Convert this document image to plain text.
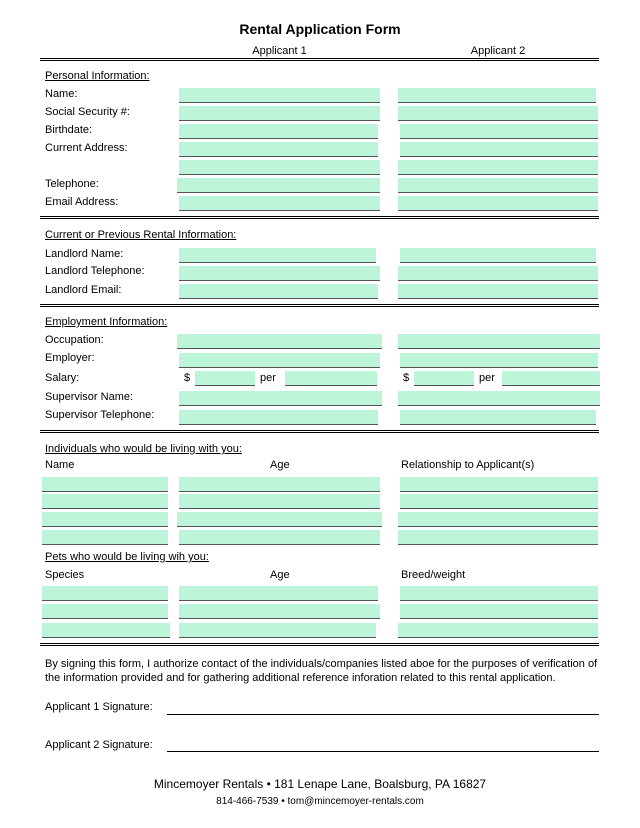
Rental Application Form
Applicant 1	Applicant 2
Personal Information:
Name:
Social Security #:
Birthdate:
Current Address:
Telephone:
Email Address:
Current or Previous Rental Information:
Landlord Name:
Landlord Telephone:
Landlord Email:
Employment Information:
Occupation:
Employer:
Salary:	$	per	$	per
Supervisor Name:
Supervisor Telephone:
Individuals who would be living with you:
Name	Age	Relationship to Applicant(s)
Pets who would be living wih you:
Species	Age	Breed/weight
By signing this form, I authorize contact of the individuals/companies listed aboe for the purposes of verification of the information provided and for gathering additional reference inforation related to this rental application.
Applicant 1 Signature:
Applicant 2 Signature:
Mincemoyer Rentals • 181 Lenape Lane, Boalsburg, PA 16827
814-466-7539 • tom@mincemoyer-rentals.com
